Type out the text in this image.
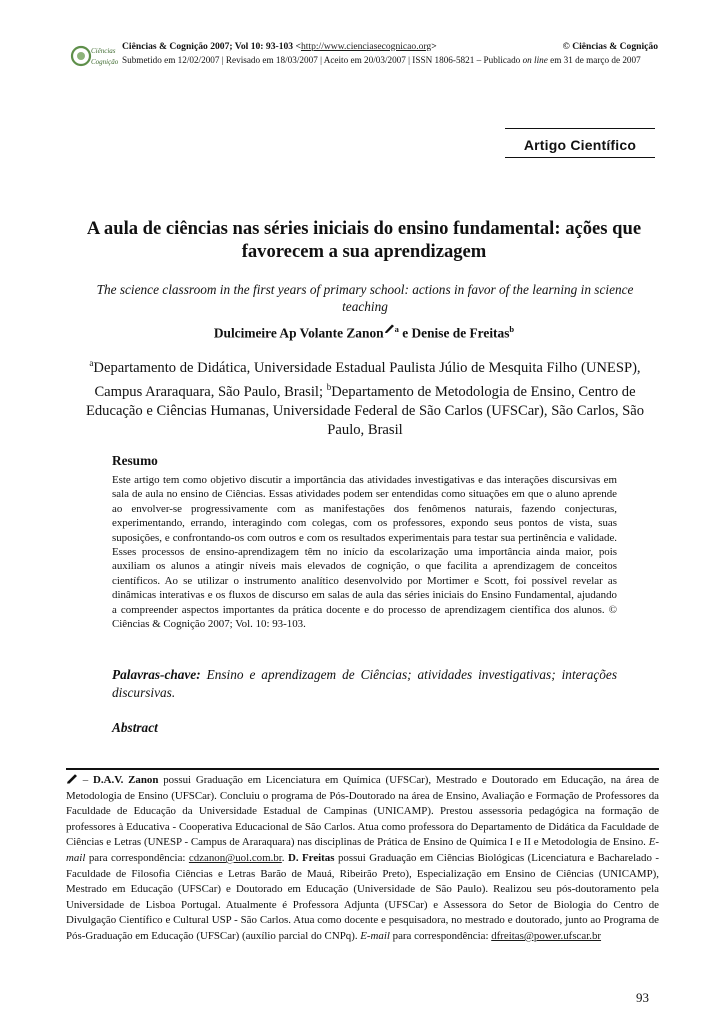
Ciências
Cognição
Ciências & Cognição 2007; Vol 10: 93-103 <http://www.cienciasecognicao.org>	© Ciências & Cognição
Submetido em 12/02/2007 | Revisado em 18/03/2007 | Aceito em 20/03/2007 | ISSN 1806-5821 – Publicado on line em 31 de março de 2007
Artigo Científico
A aula de ciências nas séries iniciais do ensino fundamental: ações que favorecem a sua aprendizagem
The science classroom in the first years of primary school: actions in favor of the learning in science teaching
Dulcimeire Ap Volante Zanon $^a$ e Denise de Freitas$^b$
$^a$Departamento de Didática, Universidade Estadual Paulista Júlio de Mesquita Filho (UNESP), Campus Araraquara, São Paulo, Brasil; $^b$Departamento de Metodologia de Ensino, Centro de Educação e Ciências Humanas, Universidade Federal de São Carlos (UFSCar), São Carlos, São Paulo, Brasil
Resumo
Este artigo tem como objetivo discutir a importância das atividades investigativas e das interações discursivas em sala de aula no ensino de Ciências. Essas atividades podem ser entendidas como situações em que o aluno aprende ao envolver-se progressivamente com as manifestações dos fenômenos naturais, fazendo conjecturas, experimentando, errando, interagindo com colegas, com os professores, expondo seus pontos de vista, suas suposições, e confrontando-os com outros e com os resultados experimentais para testar sua pertinência e validade. Esses processos de ensino-aprendizagem têm no início da escolarização uma importância ainda maior, pois auxiliam os alunos a atingir níveis mais elevados de cognição, o que facilita a aprendizagem de conceitos científicos. Ao se utilizar o instrumento analítico desenvolvido por Mortimer e Scott, foi possível revelar as dinâmicas interativas e os fluxos de discurso em salas de aula das séries iniciais do Ensino Fundamental, ajudando a compreender aspectos importantes da prática docente e do processo de aprendizagem científica dos alunos. © Ciências & Cognição 2007; Vol. 10: 93-103.
Palavras-chave: Ensino e aprendizagem de Ciências; atividades investigativas; interações discursivas.
Abstract
– D.A.V. Zanon possui Graduação em Licenciatura em Química (UFSCar), Mestrado e Doutorado em Educação, na área de Metodologia de Ensino (UFSCar). Concluiu o programa de Pós-Doutorado na área de Ensino, Avaliação e Formação de Professores da Faculdade de Educação da Universidade Estadual de Campinas (UNICAMP). Prestou assessoria pedagógica na formação de professores à Educativa - Cooperativa Educacional de São Carlos. Atua como professora do Departamento de Didática da Faculdade de Ciências e Letras (UNESP - Campus de Araraquara) nas disciplinas de Prática de Ensino de Química I e II e Metodologia de Ensino. E-mail para correspondência: cdzanon@uol.com.br. D. Freitas possui Graduação em Ciências Biológicas (Licenciatura e Bacharelado - Faculdade de Filosofia Ciências e Letras Barão de Mauá, Ribeirão Preto), Especialização em Ensino de Ciências (UNICAMP), Mestrado em Educação (UFSCar) e Doutorado em Educação (Universidade de São Paulo). Realizou seu pós-doutoramento pela Universidade de Lisboa Portugal. Atualmente é Professora Adjunta (UFSCar) e Assessora do Setor de Biologia do Centro de Divulgação Científico e Cultural USP - São Carlos. Atua como docente e pesquisadora, no mestrado e doutorado, junto ao Programa de Pós-Graduação em Educação (UFSCar) (auxílio parcial do CNPq). E-mail para correspondência: dfreitas@power.ufscar.br
93
